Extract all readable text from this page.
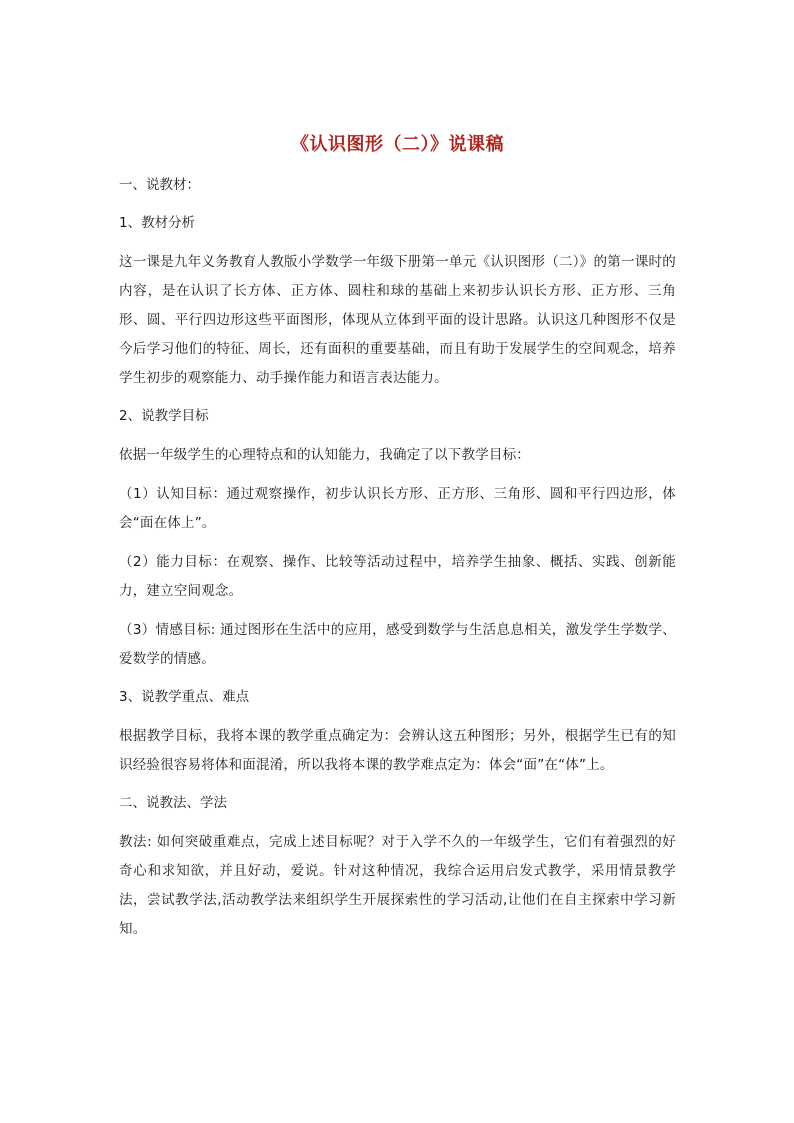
《认识图形（二）》说课稿
一、说教材：
1、教材分析
这一课是九年义务教育人教版小学数学一年级下册第一单元《认识图形（二）》的第一课时的内容，是在认识了长方体、正方体、圆柱和球的基础上来初步认识长方形、正方形、三角形、圆、平行四边形这些平面图形，体现从立体到平面的设计思路。认识这几种图形不仅是今后学习他们的特征、周长，还有面积的重要基础，而且有助于发展学生的空间观念，培养学生初步的观察能力、动手操作能力和语言表达能力。
2、说教学目标
依据一年级学生的心理特点和的认知能力，我确定了以下教学目标：
（1）认知目标：通过观察操作，初步认识长方形、正方形、三角形、圆和平行四边形，体会“面在体上”。
（2）能力目标：在观察、操作、比较等活动过程中，培养学生抽象、概括、实践、创新能力，建立空间观念。
（3）情感目标: 通过图形在生活中的应用，感受到数学与生活息息相关，激发学生学数学、爱数学的情感。
3、说教学重点、难点
根据教学目标，我将本课的教学重点确定为：会辨认这五种图形；另外，根据学生已有的知识经验很容易将体和面混淆，所以我将本课的教学难点定为：体会“面”在“体”上。
二、说教法、学法
教法: 如何突破重难点，完成上述目标呢？对于入学不久的一年级学生，它们有着强烈的好奇心和求知欲，并且好动，爱说。针对这种情况，我综合运用启发式教学，采用情景教学法，尝试教学法,活动教学法来组织学生开展探索性的学习活动,让他们在自主探索中学习新知。
